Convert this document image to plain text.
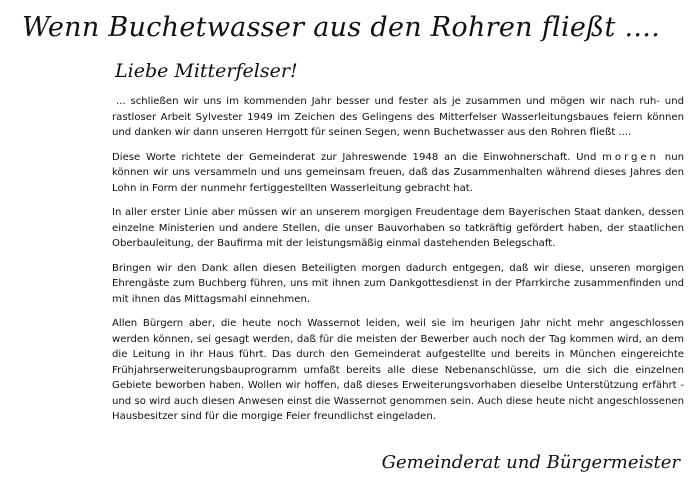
Wenn Buchetwasser aus den Rohren fließt ....
Liebe Mitterfelser!

... schließen wir uns im kommenden Jahr besser und fester als je zusammen und mögen wir nach ruh- und rastloser Arbeit Sylvester 1949 im Zeichen des Gelingens des Mitterfelser Wasserleitungsbaues feiern können und danken wir dann unseren Herrgott für seinen Segen, wenn Buchetwasser aus den Rohren fließt ....

Diese Worte richtete der Gemeinderat zur Jahreswende 1948 an die Einwohnerschaft. Und morgen nun können wir uns versammeln und uns gemeinsam freuen, daß das Zusammenhalten während dieses Jahres den Lohn in Form der nunmehr fertiggestellten Wasserleitung gebracht hat.

In aller erster Linie aber müssen wir an unserem morgigen Freudentage dem Bayerischen Staat danken, dessen einzelne Ministerien und andere Stellen, die unser Bauvorhaben so tatkräftig gefördert haben, der staatlichen Oberbauleitung, der Baufirma mit der leistungsmäßig einmal dastehenden Belegschaft.

Bringen wir den Dank allen diesen Beteiligten morgen dadurch entgegen, daß wir diese, unseren morgigen Ehrengäste zum Buchberg führen, uns mit ihnen zum Dankgottesdienst in der Pfarrkirche zusammenfinden und mit ihnen das Mittagsmahl einnehmen.

Allen Bürgern aber, die heute noch Wassernot leiden, weil sie im heurigen Jahr nicht mehr angeschlossen werden können, sei gesagt werden, daß für die meisten der Bewerber auch noch der Tag kommen wird, an dem die Leitung in ihr Haus führt. Das durch den Gemeinderat aufgestellte und bereits in München eingereichte Frühjahrserweiterungsbauprogramm umfaßt bereits alle diese Nebenanschlüsse, um die sich die einzelnen Gebiete beworben haben. Wollen wir hoffen, daß dieses Erweiterungsvorhaben dieselbe Unterstützung erfährt - und so wird auch diesen Anwesen einst die Wassernot genommen sein. Auch diese heute nicht angeschlossenen Hausbesitzer sind für die morgige Feier freundlichst eingeladen.

Gemeinderat und Bürgermeister
